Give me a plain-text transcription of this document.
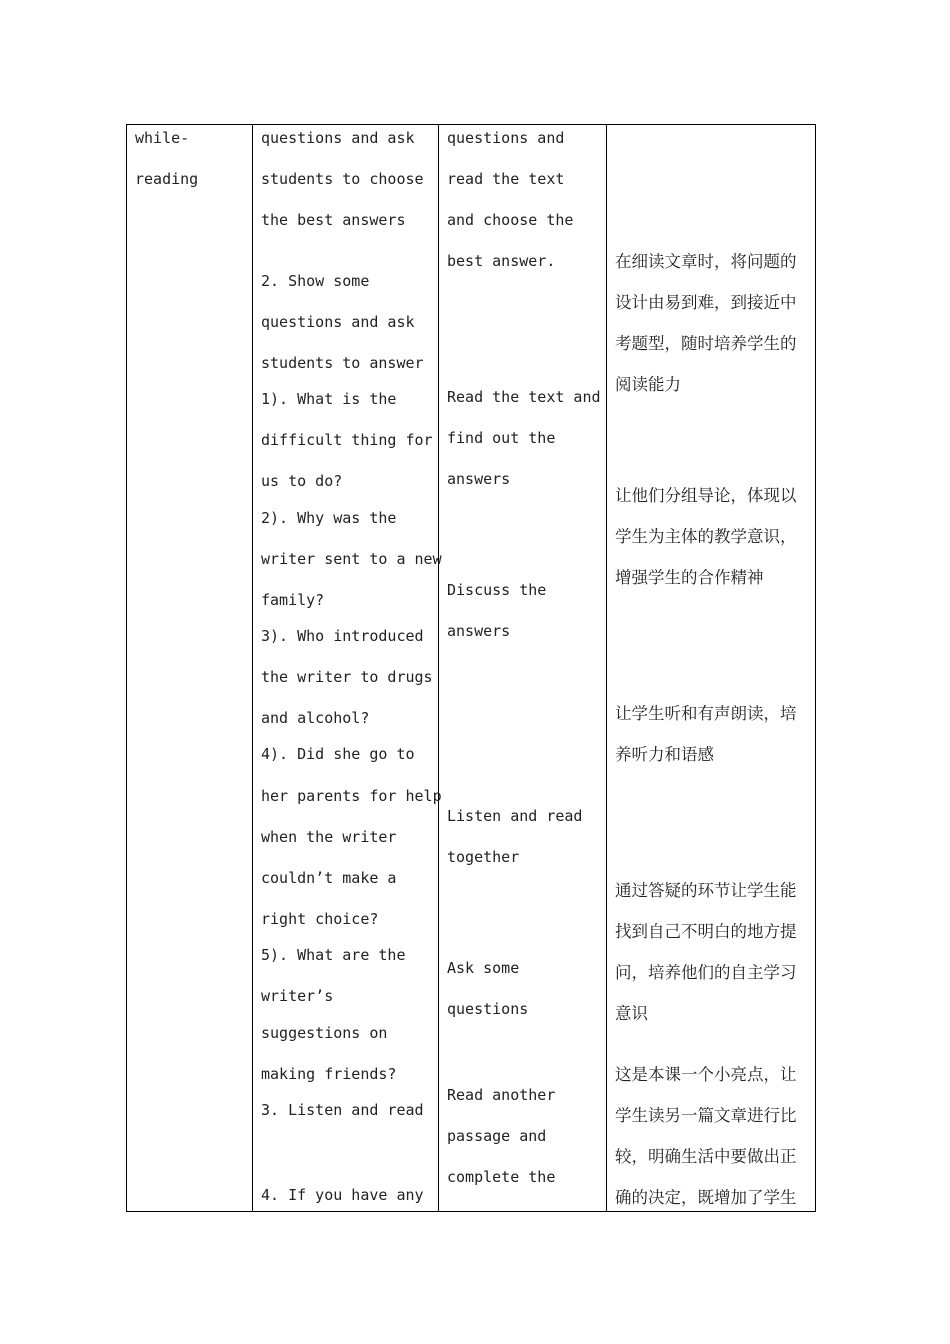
while-
reading
questions and ask
students to choose
the best answers
2. Show some
questions and ask
students to answer
1). What is the
difficult thing for
us to do?
2). Why was the
writer sent to a new
family?
3). Who introduced
the writer to drugs
and alcohol?
4). Did she go to
her parents for help
when the writer
couldn’t make a
right choice?
5). What are the
writer’s
suggestions on
making friends?
3. Listen and read
4. If you have any
questions and
read the text
and choose the
best answer.
Read the text and
find out the
answers
Discuss the
answers
Listen and read
together
Ask some
questions
Read another
passage and
complete the
在细读文章时，将问题的
设计由易到难，到接近中
考题型，随时培养学生的
阅读能力
让他们分组导论，体现以
学生为主体的教学意识，
增强学生的合作精神
让学生听和有声朗读，培
养听力和语感
通过答疑的环节让学生能
找到自己不明白的地方提
问，培养他们的自主学习
意识
这是本课一个小亮点，让
学生读另一篇文章进行比
较，明确生活中要做出正
确的决定，既增加了学生
